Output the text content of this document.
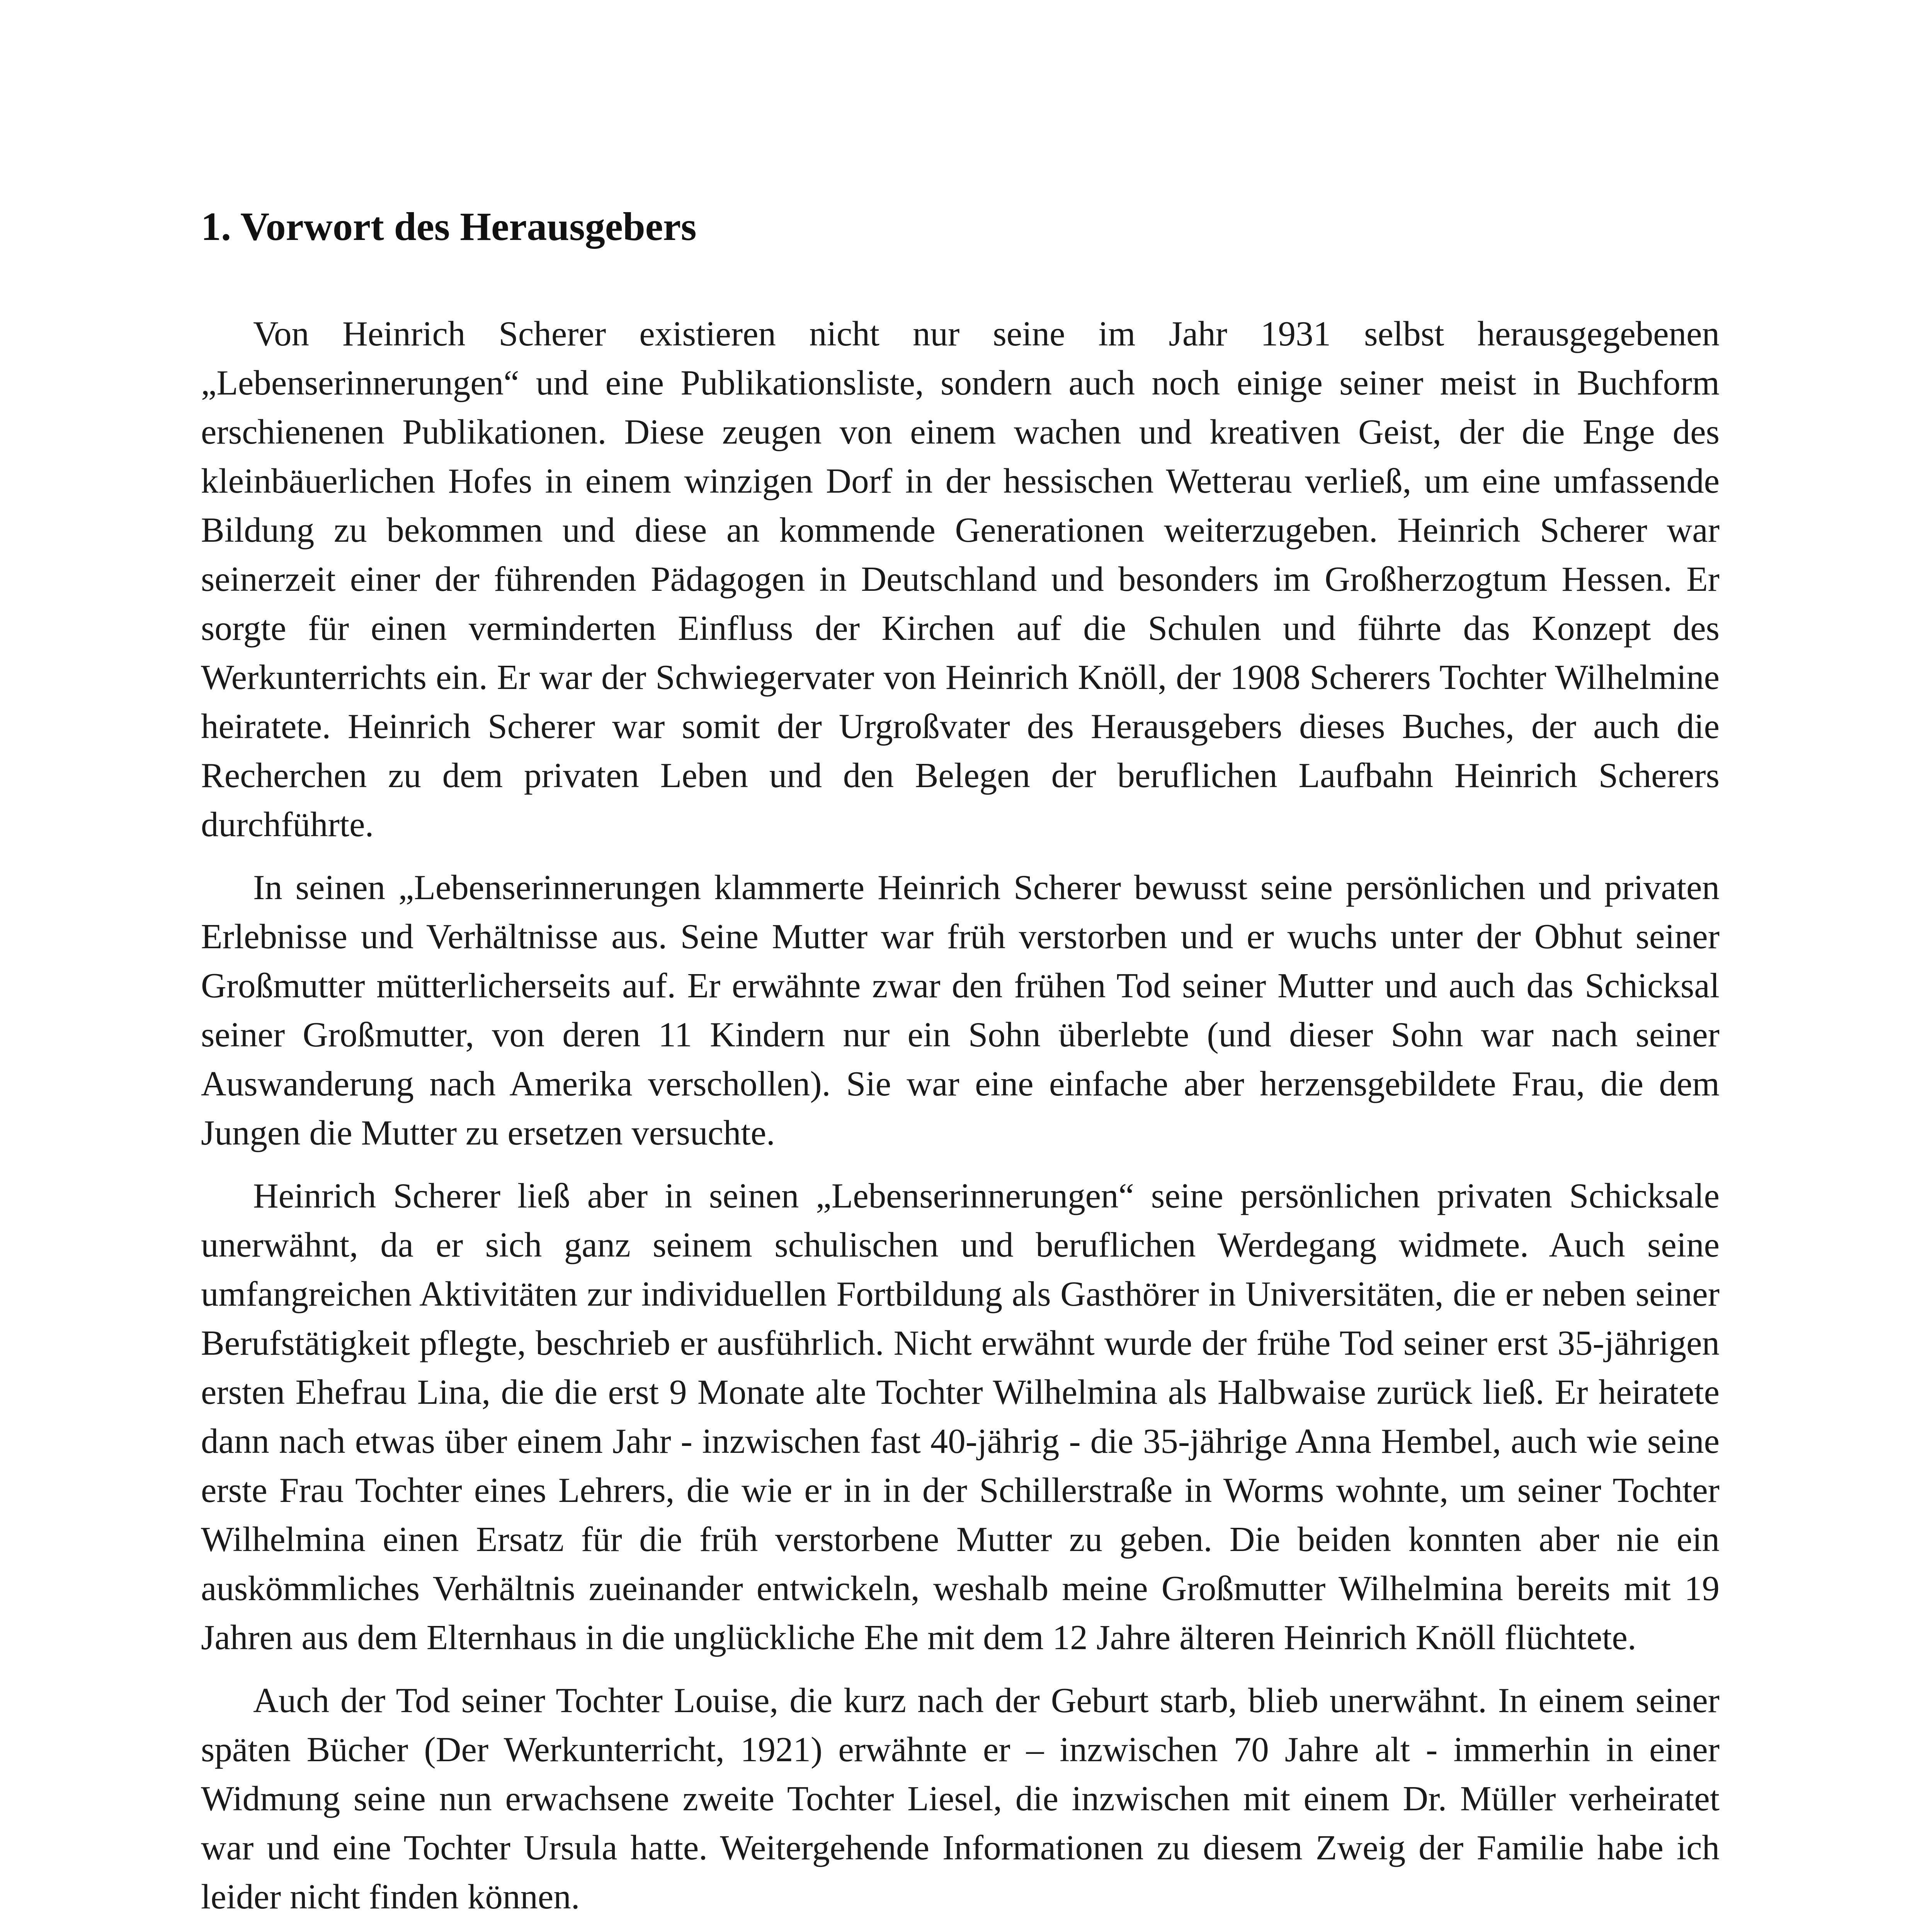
1. Vorwort des Herausgebers

Von Heinrich Scherer existieren nicht nur seine im Jahr 1931 selbst herausgegebenen „Lebenserinnerungen“ und eine Publikationsliste, sondern auch noch einige seiner meist in Buchform erschienenen Publikationen. Diese zeugen von einem wachen und kreativen Geist, der die Enge des kleinbäuerlichen Hofes in einem winzigen Dorf in der hessischen Wetterau verließ, um eine umfassende Bildung zu bekommen und diese an kommende Generationen weiterzugeben. Heinrich Scherer war seinerzeit einer der führenden Pädagogen in Deutschland und besonders im Großherzogtum Hessen. Er sorgte für einen verminderten Einfluss der Kirchen auf die Schulen und führte das Konzept des Werkunterrichts ein. Er war der Schwiegervater von Heinrich Knöll, der 1908 Scherers Tochter Wilhelmine heiratete. Heinrich Scherer war somit der Urgroßvater des Herausgebers dieses Buches, der auch die Recherchen zu dem privaten Leben und den Belegen der beruflichen Laufbahn Heinrich Scherers durchführte.

In seinen „Lebenserinnerungen klammerte Heinrich Scherer bewusst seine persönlichen und privaten Erlebnisse und Verhältnisse aus. Seine Mutter war früh verstorben und er wuchs unter der Obhut seiner Großmutter mütterlicherseits auf. Er erwähnte zwar den frühen Tod seiner Mutter und auch das Schicksal seiner Großmutter, von deren 11 Kindern nur ein Sohn überlebte (und dieser Sohn war nach seiner Auswanderung nach Amerika verschollen). Sie war eine einfache aber herzensgebildete Frau, die dem Jungen die Mutter zu ersetzen versuchte.

Heinrich Scherer ließ aber in seinen „Lebenserinnerungen“ seine persönlichen privaten Schicksale unerwähnt, da er sich ganz seinem schulischen und beruflichen Werdegang widmete. Auch seine umfangreichen Aktivitäten zur individuellen Fortbildung als Gasthörer in Universitäten, die er neben seiner Berufstätigkeit pflegte, beschrieb er ausführlich. Nicht erwähnt wurde der frühe Tod seiner erst 35-jährigen ersten Ehefrau Lina, die die erst 9 Monate alte Tochter Wilhelmina als Halbwaise zurück ließ. Er heiratete dann nach etwas über einem Jahr - inzwischen fast 40-jährig - die 35-jährige Anna Hembel, auch wie seine erste Frau Tochter eines Lehrers, die wie er in in der Schillerstraße in Worms wohnte, um seiner Tochter Wilhelmina einen Ersatz für die früh verstorbene Mutter zu geben. Die beiden konnten aber nie ein auskömmliches Verhältnis zueinander entwickeln, weshalb meine Großmutter Wilhelmina bereits mit 19 Jahren aus dem Elternhaus in die unglückliche Ehe mit dem 12 Jahre älteren Heinrich Knöll flüchtete.

Auch der Tod seiner Tochter Louise, die kurz nach der Geburt starb, blieb unerwähnt. In einem seiner späten Bücher (Der Werkunterricht, 1921) erwähnte er – inzwischen 70 Jahre alt - immerhin in einer Widmung seine nun erwachsene zweite Tochter Liesel, die inzwischen mit einem Dr. Müller verheiratet war und eine Tochter Ursula hatte. Weitergehende Informationen zu diesem Zweig der Familie habe ich leider nicht finden können.
